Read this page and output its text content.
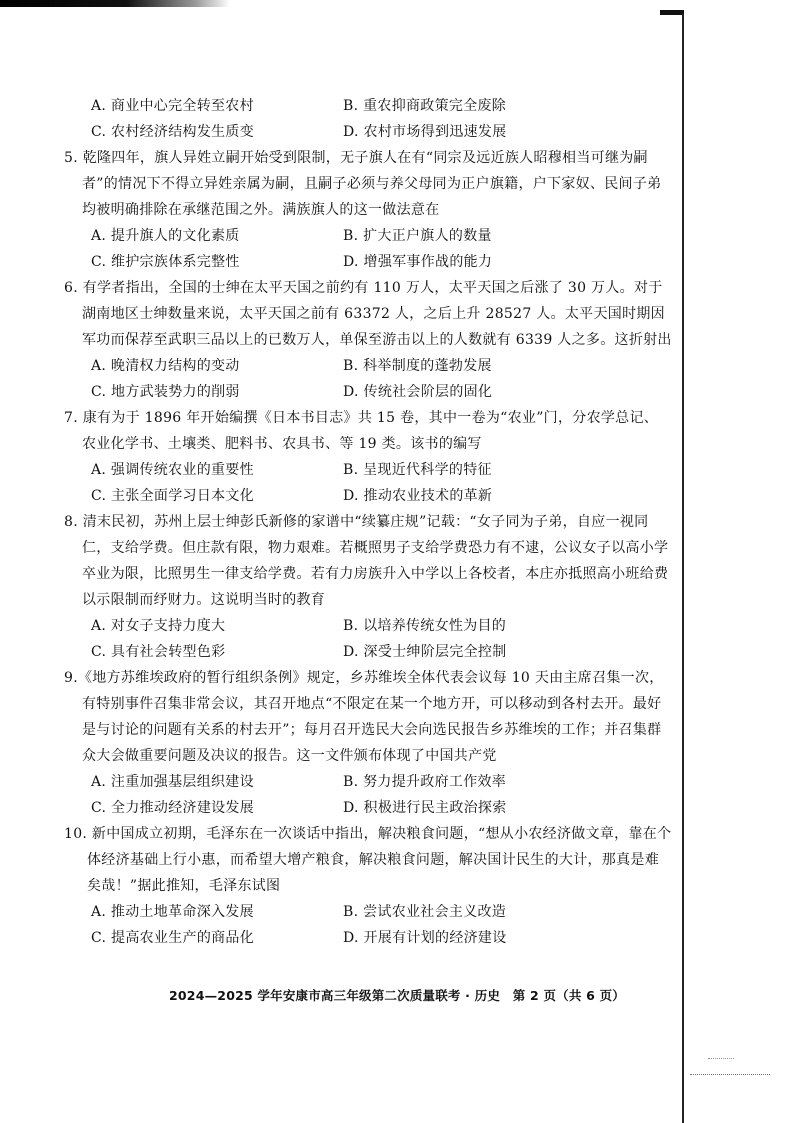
A. 商业中心完全转至农村	B. 重农抑商政策完全废除
C. 农村经济结构发生质变	D. 农村市场得到迅速发展

5. 乾隆四年，旗人异姓立嗣开始受到限制，无子旗人在有“同宗及远近族人昭穆相当可继为嗣者”的情况下不得立异姓亲属为嗣，且嗣子必须与养父母同为正户旗籍，户下家奴、民间子弟均被明确排除在承继范围之外。满族旗人的这一做法意在

A. 提升旗人的文化素质	B. 扩大正户旗人的数量
C. 维护宗族体系完整性	D. 增强军事作战的能力

6. 有学者指出，全国的士绅在太平天国之前约有 110 万人，太平天国之后涨了 30 万人。对于湖南地区士绅数量来说，太平天国之前有 63372 人，之后上升 28527 人。太平天国时期因军功而保荐至武职三品以上的已数万人，单保至游击以上的人数就有 6339 人之多。这折射出

A. 晚清权力结构的变动	B. 科举制度的蓬勃发展
C. 地方武装势力的削弱	D. 传统社会阶层的固化

7. 康有为于 1896 年开始编撰《日本书目志》共 15 卷，其中一卷为“农业”门，分农学总记、农业化学书、土壤类、肥料书、农具书、等 19 类。该书的编写

A. 强调传统农业的重要性	B. 呈现近代科学的特征
C. 主张全面学习日本文化	D. 推动农业技术的革新

8. 清末民初，苏州上层士绅彭氏新修的家谱中“续纂庄规”记载：“女子同为子弟，自应一视同仁，支给学费。但庄款有限，物力艰难。若概照男子支给学费恐力有不逮，公议女子以高小学卒业为限，比照男生一律支给学费。若有力房族升入中学以上各校者，本庄亦抵照高小班给费以示限制而纾财力。这说明当时的教育

A. 对女子支持力度大	B. 以培养传统女性为目的
C. 具有社会转型色彩	D. 深受士绅阶层完全控制

9.《地方苏维埃政府的暂行组织条例》规定，乡苏维埃全体代表会议每 10 天由主席召集一次，有特别事件召集非常会议，其召开地点“不限定在某一个地方开，可以移动到各村去开。最好是与讨论的问题有关系的村去开”；每月召开选民大会向选民报告乡苏维埃的工作；并召集群众大会做重要问题及决议的报告。这一文件颁布体现了中国共产党

A. 注重加强基层组织建设	B. 努力提升政府工作效率
C. 全力推动经济建设发展	D. 积极进行民主政治探索

10. 新中国成立初期，毛泽东在一次谈话中指出，解决粮食问题，“想从小农经济做文章，靠在个体经济基础上行小惠，而希望大增产粮食，解决粮食问题，解决国计民生的大计，那真是难矣哉！”据此推知，毛泽东试图

A. 推动土地革命深入发展	B. 尝试农业社会主义改造
C. 提高农业生产的商品化	D. 开展有计划的经济建设
2024—2025 学年安康市高三年级第二次质量联考 · 历史　第 2 页（共 6 页）
